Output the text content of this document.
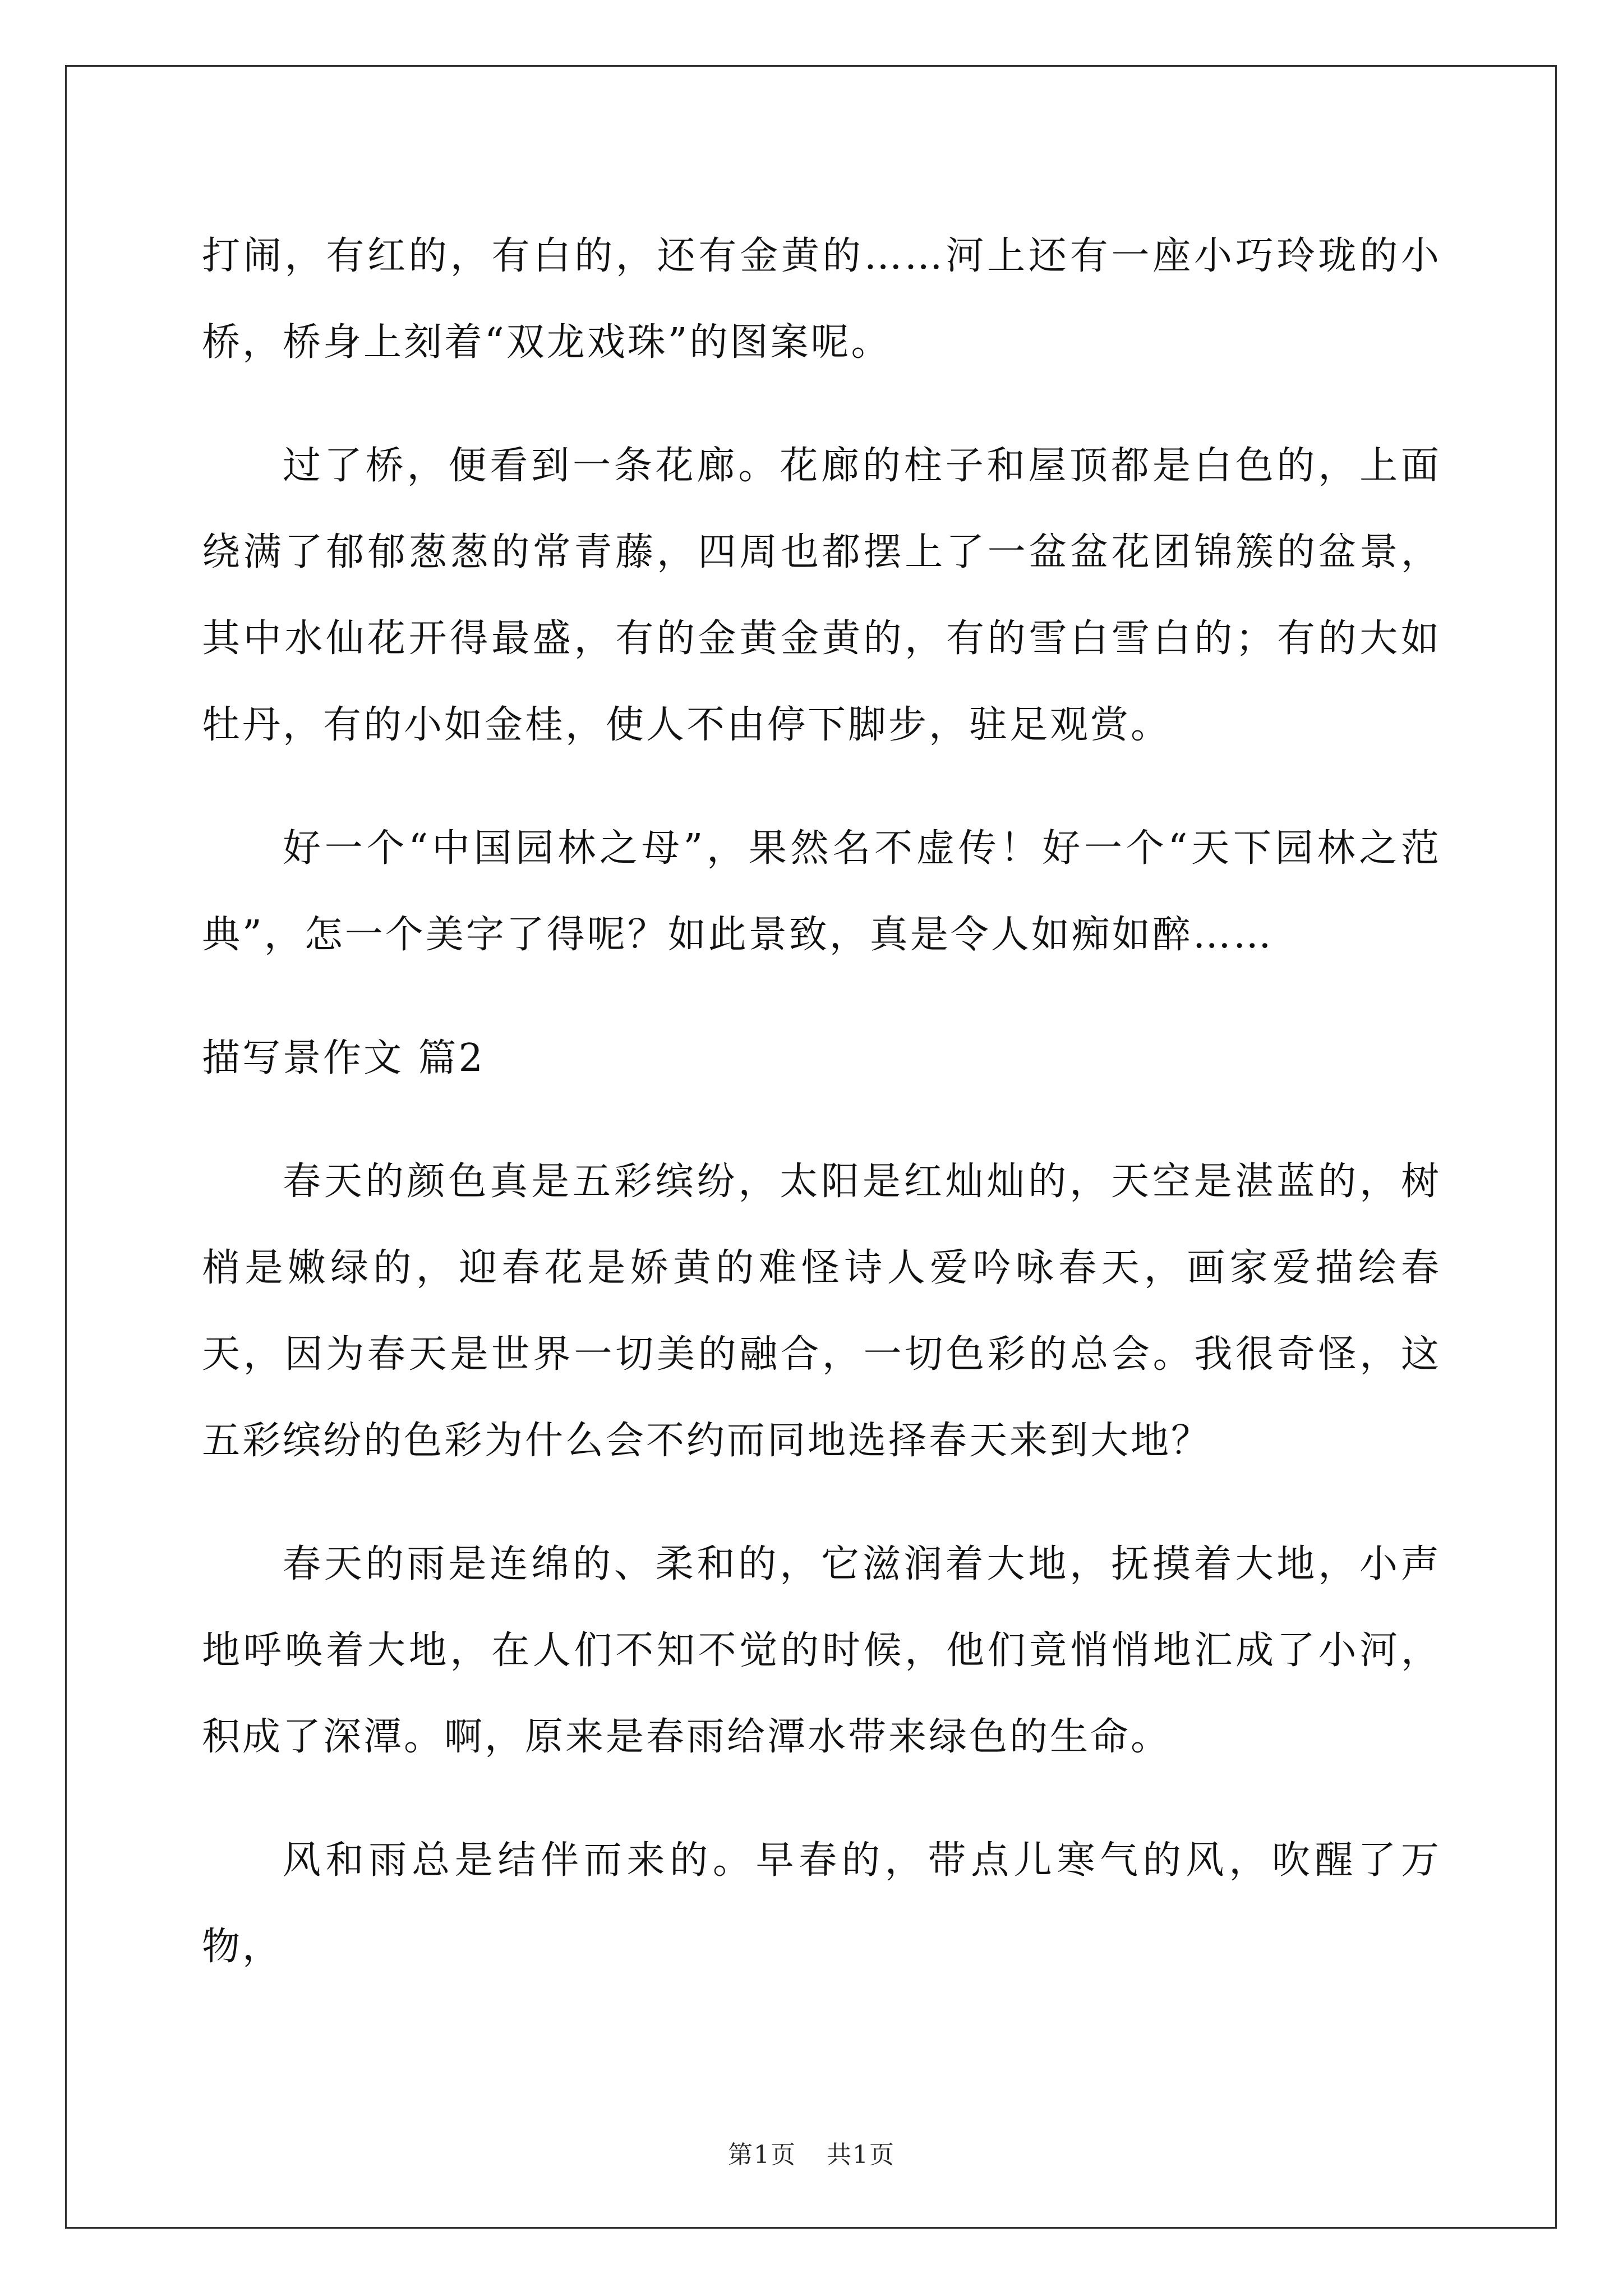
打闹，有红的，有白的，还有金黄的……河上还有一座小巧玲珑的小桥，桥身上刻着“双龙戏珠”的图案呢。

过了桥，便看到一条花廊。花廊的柱子和屋顶都是白色的，上面绕满了郁郁葱葱的常青藤，四周也都摆上了一盆盆花团锦簇的盆景，其中水仙花开得最盛，有的金黄金黄的，有的雪白雪白的；有的大如牡丹，有的小如金桂，使人不由停下脚步，驻足观赏。

好一个“中国园林之母”，果然名不虚传！好一个“天下园林之范典”，怎一个美字了得呢？如此景致，真是令人如痴如醉……

描写景作文 篇2

春天的颜色真是五彩缤纷，太阳是红灿灿的，天空是湛蓝的，树梢是嫩绿的，迎春花是娇黄的难怪诗人爱吟咏春天，画家爱描绘春天，因为春天是世界一切美的融合，一切色彩的总会。我很奇怪，这五彩缤纷的色彩为什么会不约而同地选择春天来到大地？

春天的雨是连绵的、柔和的，它滋润着大地，抚摸着大地，小声地呼唤着大地，在人们不知不觉的时候，他们竟悄悄地汇成了小河，积成了深潭。啊，原来是春雨给潭水带来绿色的生命。

风和雨总是结伴而来的。早春的，带点儿寒气的风，吹醒了万物，

第1页 共1页
